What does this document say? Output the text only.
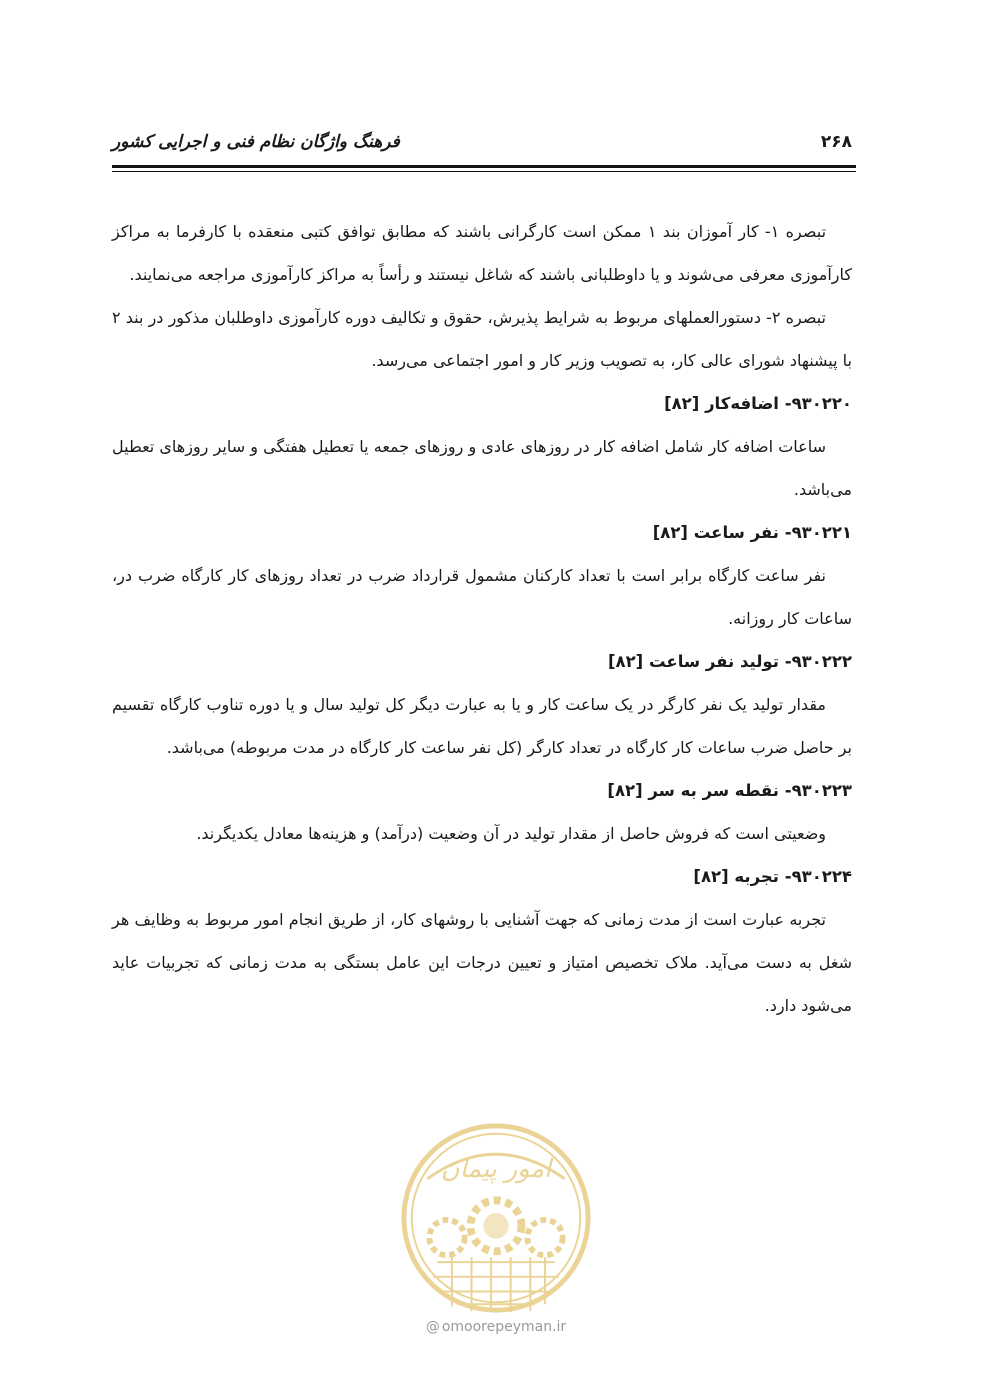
فرهنگ واژگان نظام فنی و اجرایی کشور	۲۶۸

تبصره ۱- کار آموزان بند ۱ ممکن است کارگرانی باشند که مطابق توافق کتبی منعقده با کارفرما به مراکز کارآموزی معرفی می‌شوند و یا داوطلبانی باشند که شاغل نیستند و رأساً به مراکز کارآموزی مراجعه می‌نمایند.

تبصره ۲- دستورالعملهای مربوط به شرایط پذیرش، حقوق و تکالیف دوره کارآموزی داوطلبان مذکور در بند ۲ با پیشنهاد شورای عالی کار، به تصویب وزیر کار و امور اجتماعی می‌رسد.

۹۳۰۲۲۰ - اضافه‌کار[۸۲]

ساعات اضافه کار شامل اضافه کار در روزهای عادی و روزهای جمعه یا تعطیل هفتگی و سایر روزهای تعطیل می‌باشد.

۹۳۰۲۲۱ - نفر ساعت[۸۲]

نفر ساعت کارگاه برابر است با تعداد کارکنان مشمول قرارداد ضرب در تعداد روزهای کار کارگاه ضرب در، ساعات کار روزانه.

۹۳۰۲۲۲ - تولید نفر ساعت[۸۲]

مقدار تولید یک نفر کارگر در یک ساعت کار و یا به عبارت دیگر کل تولید سال و یا دوره تناوب کارگاه تقسیم بر حاصل ضرب ساعات کار کارگاه در تعداد کارگر (کل نفر ساعت کار کارگاه در مدت مربوطه) می‌باشد.

۹۳۰۲۲۳ - نقطه سر به سر[۸۲]

وضعیتی است که فروش حاصل از مقدار تولید در آن وضعیت (درآمد) و هزینه‌ها معادل یکدیگرند.

۹۳۰۲۲۴ - تجربه[۸۲]

تجربه عبارت است از مدت زمانی که جهت آشنایی با روشهای کار، از طریق انجام امور مربوط به وظایف هر شغل به دست می‌آید. ملاک تخصیص امتیاز و تعیین درجات این عامل بستگی به مدت زمانی که تجربیات عاید می‌شود دارد.

امور پیمان
@ omoorepeyman.ir
